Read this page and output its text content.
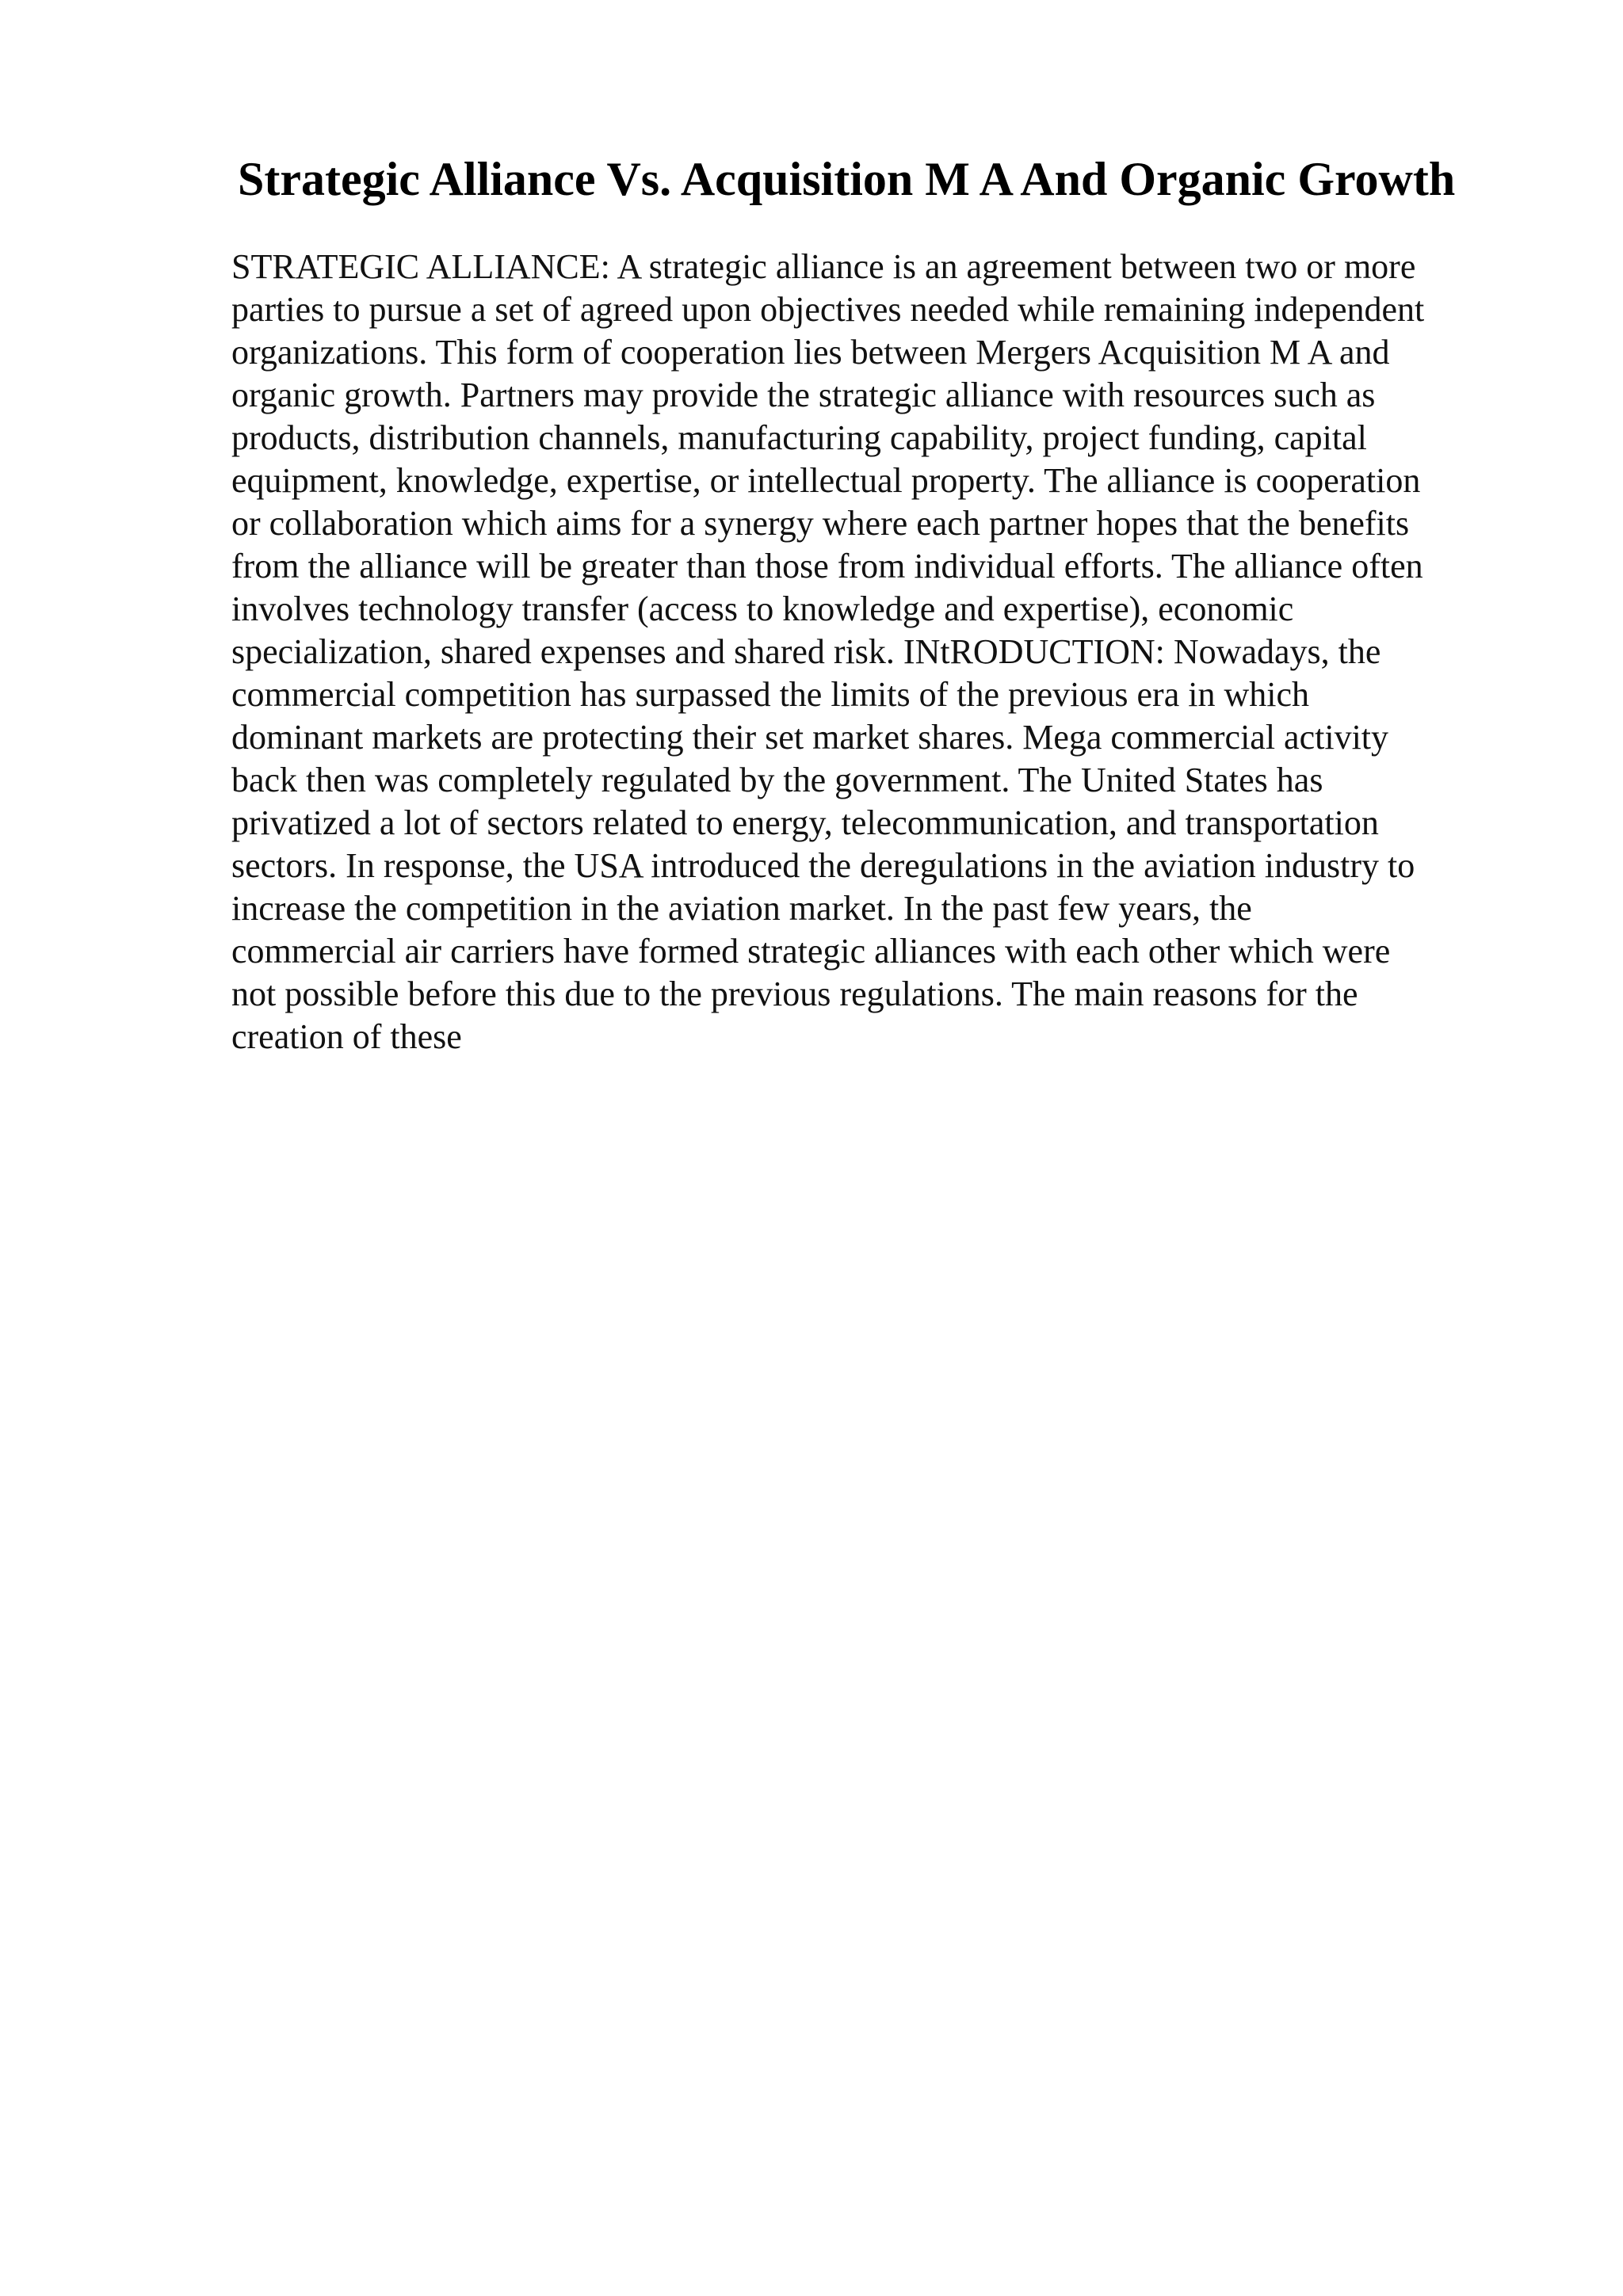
Strategic Alliance Vs. Acquisition M A And Organic Growth
STRATEGIC ALLIANCE: A strategic alliance is an agreement between two or more
parties to pursue a set of agreed upon objectives needed while remaining independent
organizations. This form of cooperation lies between Mergers Acquisition M A and
organic growth. Partners may provide the strategic alliance with resources such as
products, distribution channels, manufacturing capability, project funding, capital
equipment, knowledge, expertise, or intellectual property. The alliance is cooperation
or collaboration which aims for a synergy where each partner hopes that the benefits
from the alliance will be greater than those from individual efforts. The alliance often
involves technology transfer (access to knowledge and expertise), economic
specialization, shared expenses and shared risk. INtRODUCTION: Nowadays, the
commercial competition has surpassed the limits of the previous era in which
dominant markets are protecting their set market shares. Mega commercial activity
back then was completely regulated by the government. The United States has
privatized a lot of sectors related to energy, telecommunication, and transportation
sectors. In response, the USA introduced the deregulations in the aviation industry to
increase the competition in the aviation market. In the past few years, the
commercial air carriers have formed strategic alliances with each other which were
not possible before this due to the previous regulations. The main reasons for the
creation of these
